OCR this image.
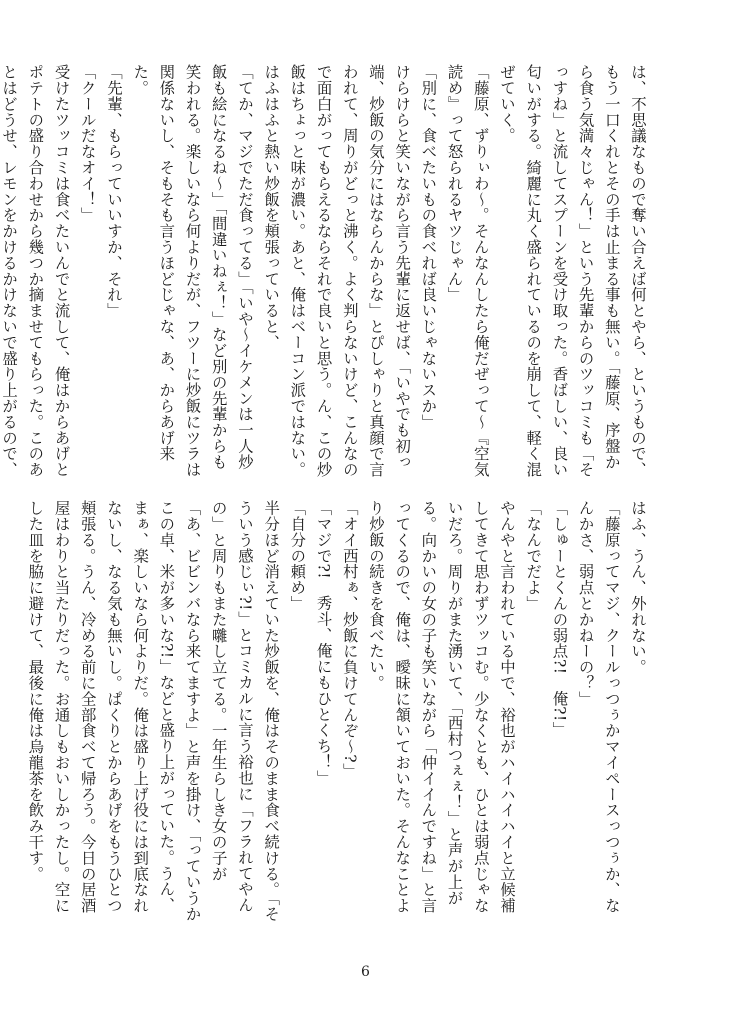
は、不思議なもので奪い合えば何とやら、というもので、もう一口くれとその手は止まる事も無い。「藤原、序盤から食う気満々じゃん！」という先輩からのツッコミも「そっすね」と流してスプーンを受け取った。香ばしい、良い匂いがする。綺麗に丸く盛られているのを崩して、軽く混ぜていく。

「藤原、ずりぃわ〜。そんなんしたら俺だぜって〜『空気読め』って怒られるヤツじゃん」

「別に、食べたいもの食べれば良いじゃないスか」

けらけらと笑いながら言う先輩に返せば、「いやでも初っ端、炒飯の気分にはならんからな」とぴしゃりと真顔で言われて、周りがどっと沸く。よく判らないけど、こんなので面白がってもらえるならそれで良いと思う。ん、この炒飯はちょっと味が濃い。あと、俺はベーコン派ではない。はふはふと熱い炒飯を頬張っていると、

「てか、マジでただ食ってる」「いや〜イケメンは一人炒飯も絵になるね〜」「間違いねぇ！」など別の先輩からも笑われる。楽しいなら何よりだが、フツーに炒飯にツラは関係ないし、そもそも言うほどじゃな、あ、からあげ来た。

「先輩、もらっていいすか、それ」

「クールだなオイ！」

受けたツッコミは食べたいんでと流して、俺はからあげとポテトの盛り合わせから幾つか摘ませてもらった。このあとはどうせ、レモンをかけるかけないで盛り上がるので、

はふ、うん、外れない。

「藤原ってマジ、クールっつぅかマイペースっつぅか、なんかさ、弱点とかねーの？」

「しゅーとくんの弱点?!　俺?!」

「なんでだよ」

やんやと言われている中で、裕也がハイハイハイと立候補してきて思わずツッコむ。少なくとも、ひとは弱点じゃないだろ。周りがまた湧いて、「西村つぇぇ！」と声が上がる。向かいの女の子も笑いながら「仲イイんですね」と言ってくるので、俺は、曖昧に頷いておいた。そんなことより炒飯の続きを食べたい。

「オイ西村ぁ、炒飯に負けてんぞ〜?」

「マジで?!　秀斗、俺にもひとくち！」

「自分の頼め」

半分ほど消えていた炒飯を、俺はそのまま食べ続ける。「そういう感じぃ?!」とコミカルに言う裕也に「フラれてやんの」と周りもまた囃し立てる。一年生らしき女の子が「あ、ビビンバなら来てますよ」と声を掛け、「っていうかこの卓、米が多いな?!」などと盛り上がっていた。うん、まぁ、楽しいなら何よりだ。俺は盛り上げ役には到底なれないし、なる気も無いし。ぱくりとからあげをもうひとつ頬張る。うん、冷める前に全部食べて帰ろう。今日の居酒屋はわりと当たりだった。お通しもおいしかったし。空にした皿を脇に避けて、最後に俺は烏龍茶を飲み干す。

6
